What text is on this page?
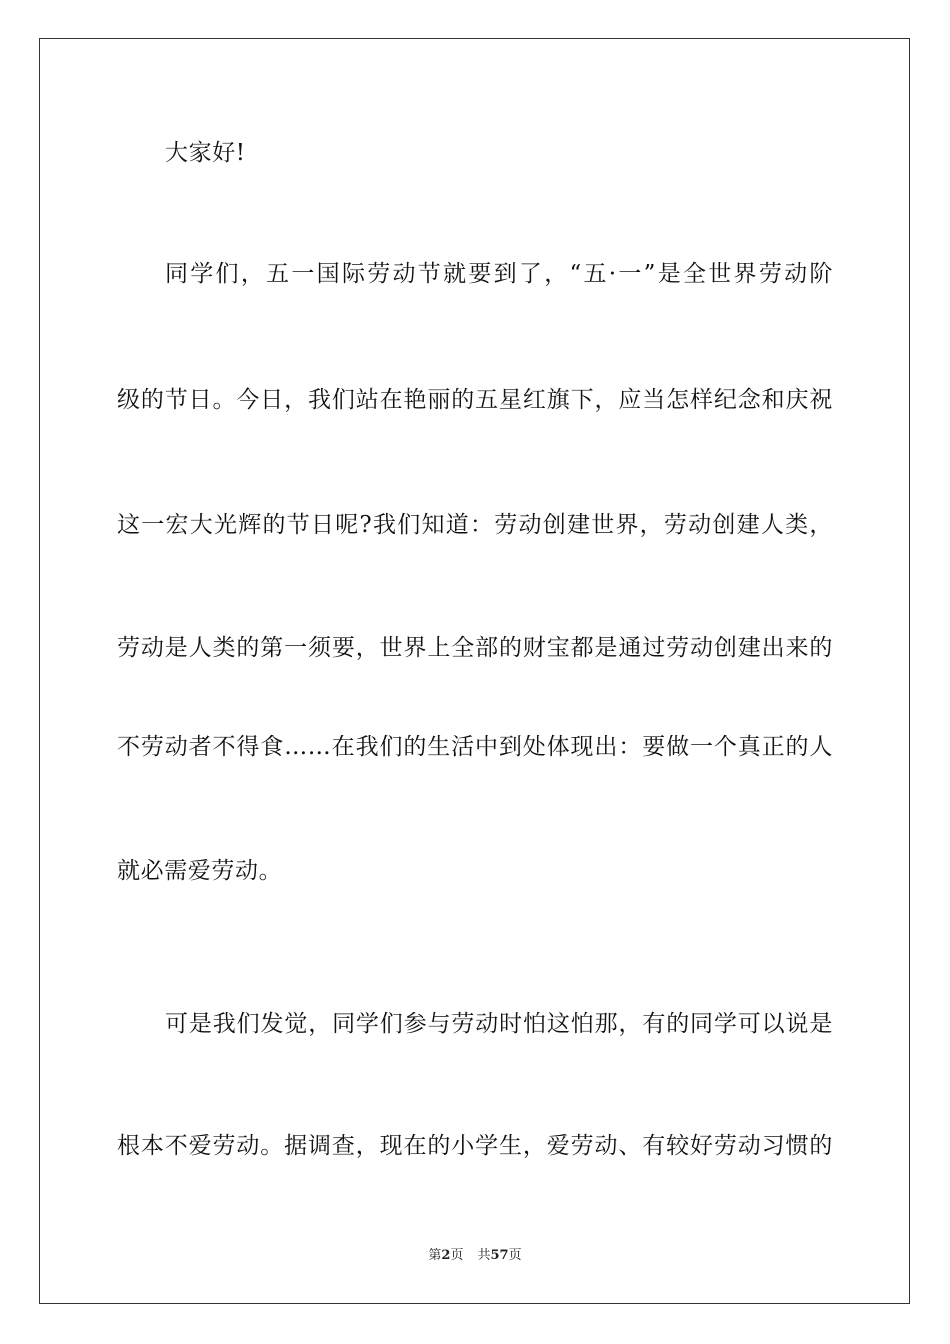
大家好!
同学们，五一国际劳动节就要到了，“五·一”是全世界劳动阶
级的节日。今日，我们站在艳丽的五星红旗下，应当怎样纪念和庆祝
这一宏大光辉的节日呢?我们知道：劳动创建世界，劳动创建人类，
劳动是人类的第一须要，世界上全部的财宝都是通过劳动创建出来的
不劳动者不得食……在我们的生活中到处体现出：要做一个真正的人
就必需爱劳动。
可是我们发觉，同学们参与劳动时怕这怕那，有的同学可以说是
根本不爱劳动。据调查，现在的小学生，爱劳动、有较好劳动习惯的
第2页 共57页
